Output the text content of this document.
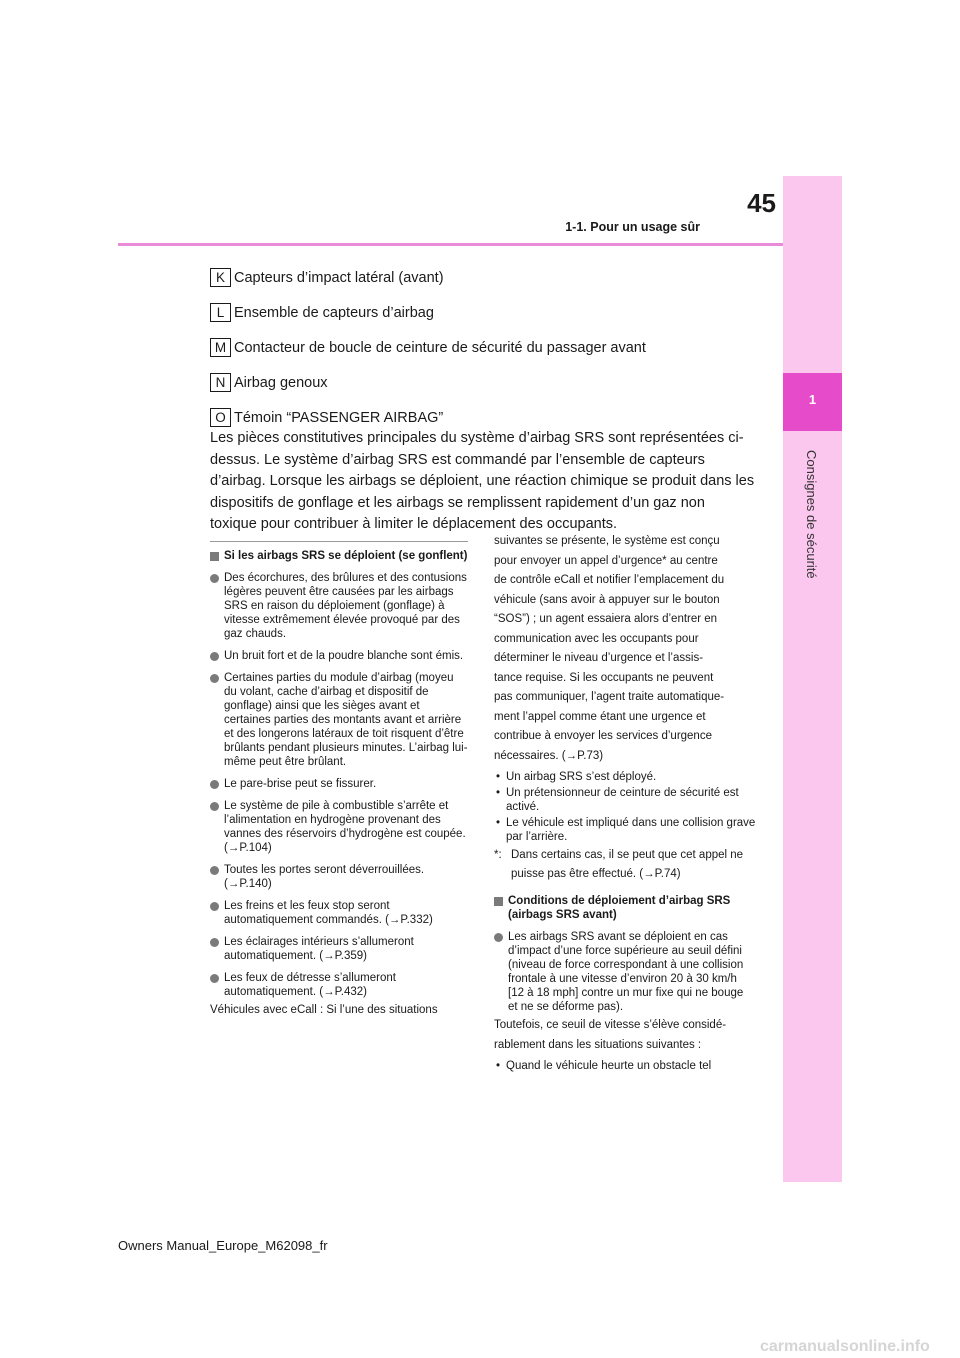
1
Consignes de sécurité
45
1-1. Pour un usage sûr
K Capteurs d’impact latéral (avant)
L Ensemble de capteurs d’airbag
M Contacteur de boucle de ceinture de sécurité du passager avant
N Airbag genoux
O Témoin “PASSENGER AIRBAG”
Les pièces constitutives principales du système d’airbag SRS sont représentées ci-dessus. Le système d’airbag SRS est commandé par l’ensemble de capteurs d’airbag. Lorsque les airbags se déploient, une réaction chimique se produit dans les dispositifs de gonflage et les airbags se remplissent rapidement d’un gaz non toxique pour contribuer à limiter le déplacement des occupants.
Si les airbags SRS se déploient (se gonflent)
Des écorchures, des brûlures et des contusions légères peuvent être causées par les airbags SRS en raison du déploiement (gonflage) à vitesse extrêmement élevée provoqué par des gaz chauds.
Un bruit fort et de la poudre blanche sont émis.
Certaines parties du module d’airbag (moyeu du volant, cache d’airbag et dispositif de gonflage) ainsi que les sièges avant et certaines parties des montants avant et arrière et des longerons latéraux de toit risquent d’être brûlants pendant plusieurs minutes. L’airbag lui-même peut être brûlant.
Le pare-brise peut se fissurer.
Le système de pile à combustible s’arrête et l’alimentation en hydrogène provenant des vannes des réservoirs d’hydrogène est coupée. (→P.104)
Toutes les portes seront déverrouillées. (→P.140)
Les freins et les feux stop seront automatiquement commandés. (→P.332)
Les éclairages intérieurs s’allumeront automatiquement. (→P.359)
Les feux de détresse s’allumeront automatiquement. (→P.432)
Véhicules avec eCall : Si l’une des situations
suivantes se présente, le système est conçu
pour envoyer un appel d’urgence* au centre
de contrôle eCall et notifier l’emplacement du
véhicule (sans avoir à appuyer sur le bouton
“SOS”) ; un agent essaiera alors d’entrer en
communication avec les occupants pour
déterminer le niveau d’urgence et l’assis-
tance requise. Si les occupants ne peuvent
pas communiquer, l’agent traite automatique-
ment l’appel comme étant une urgence et
contribue à envoyer les services d’urgence
nécessaires. (→P.73)
• Un airbag SRS s’est déployé.
• Un prétensionneur de ceinture de sécurité est activé.
• Le véhicule est impliqué dans une collision grave par l’arrière.
*: Dans certains cas, il se peut que cet appel ne puisse pas être effectué. (→P.74)
Conditions de déploiement d’airbag SRS (airbags SRS avant)
Les airbags SRS avant se déploient en cas d’impact d’une force supérieure au seuil défini (niveau de force correspondant à une collision frontale à une vitesse d’environ 20 à 30 km/h [12 à 18 mph] contre un mur fixe qui ne bouge et ne se déforme pas).
Toutefois, ce seuil de vitesse s’élève considé-
rablement dans les situations suivantes :
• Quand le véhicule heurte un obstacle tel
Owners Manual_Europe_M62098_fr
carmanualsonline.info
